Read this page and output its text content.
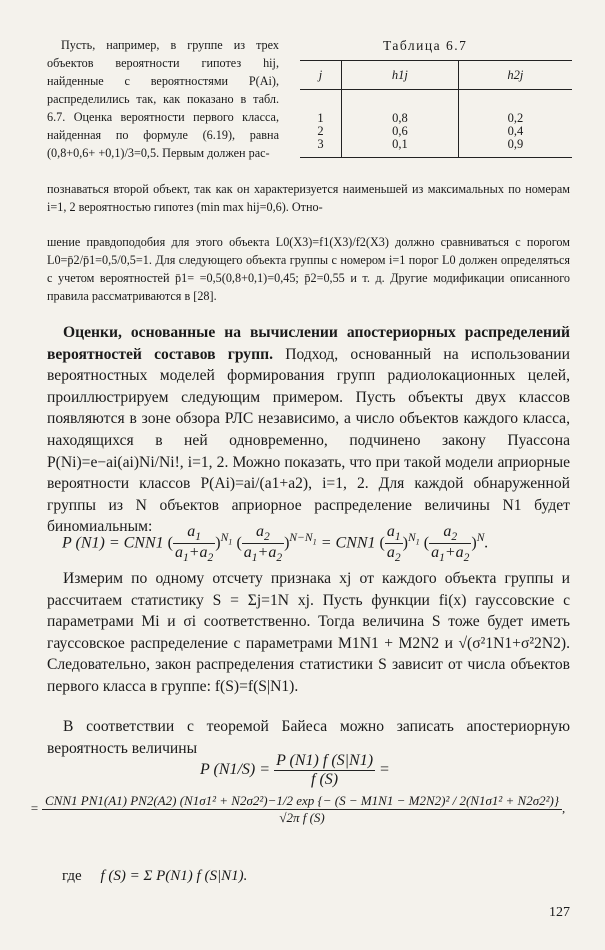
Пусть, например, в группе из трех объектов вероятности гипотез hij, найденные с вероятностями P(Ai), распределились так, как показано в табл. 6.7. Оценка вероятности первого класса, найденная по формуле (6.19), равна (0,8+0,6+ +0,1)/3=0,5. Первым должен рас-

Таблица 6.7
j	h1j	h2j
1	0,8	0,2
2	0,6	0,4
3	0,1	0,9

познаваться второй объект, так как он характеризуется наименьшей из максимальных по номерам i=1, 2 вероятностью гипотез (min max hij=0,6). Отно-

шение правдоподобия для этого объекта L0(X3)=f1(X3)/f2(X3) должно сравниваться с порогом L0=p̄2/p̄1=0,5/0,5=1. Для следующего объекта группы с номером i=1 порог L0 должен определяться с учетом вероятностей p̄1= =0,5(0,8+0,1)=0,45; p̄2=0,55 и т. д. Другие модификации описанного правила рассматриваются в [28].

Оценки, основанные на вычислении апостериорных распределений вероятностей составов групп. Подход, основанный на использовании вероятностных моделей формирования групп радиолокационных целей, проиллюстрируем следующим примером. Пусть объекты двух классов появляются в зоне обзора РЛС независимо, а число объектов каждого класса, находящихся в ней одновременно, подчинено закону Пуассона P(Ni)=e−ai(ai)Ni/Ni!, i=1, 2. Можно показать, что при такой модели априорные вероятности классов P(Ai)=ai/(a1+a2), i=1, 2. Для каждой обнаруженной группы из N объектов априорное распределение величины N1 будет биномиальным:

P (N1) = CNN1 ( $\frac{a_1}{a_1+a_2} )^{N_1}$ ( $\frac{a_2}{a_1+a_2} )^{N-N_1} = CNN1$ ( $\frac{a_1}{a_2} )^{N_1}$ ( $\frac{a_2}{a_1+a_2} )^N$.

Измерим по одному отсчету признака xj от каждого объекта группы и рассчитаем статистику S = Σj=1N xj. Пусть функции fi(x) гауссовские с параметрами Mi и σi соответственно. Тогда величина S тоже будет иметь гауссовское распределение с параметрами M1N1 + M2N2 и √(σ²1N1+σ²2N2). Следовательно, закон распределения статистики S зависит от числа объектов первого класса в группе: f(S)=f(S|N1).

В соответствии с теоремой Байеса можно записать апостериорную вероятность величины

P $(N1/S) = \frac{P (N1) f (S|N1)}{f (S)}$ =
= CNN1 PN1(A1) PN2(A2) (N1σ1² + N2σ2²)−1/2 exp {− (S − M1N1 − M2N2)² / 2(N1σ1² + N2σ2²)}
√2π f (S)
,
где f (S) = Σ P(N1) f (S|N1).
127
